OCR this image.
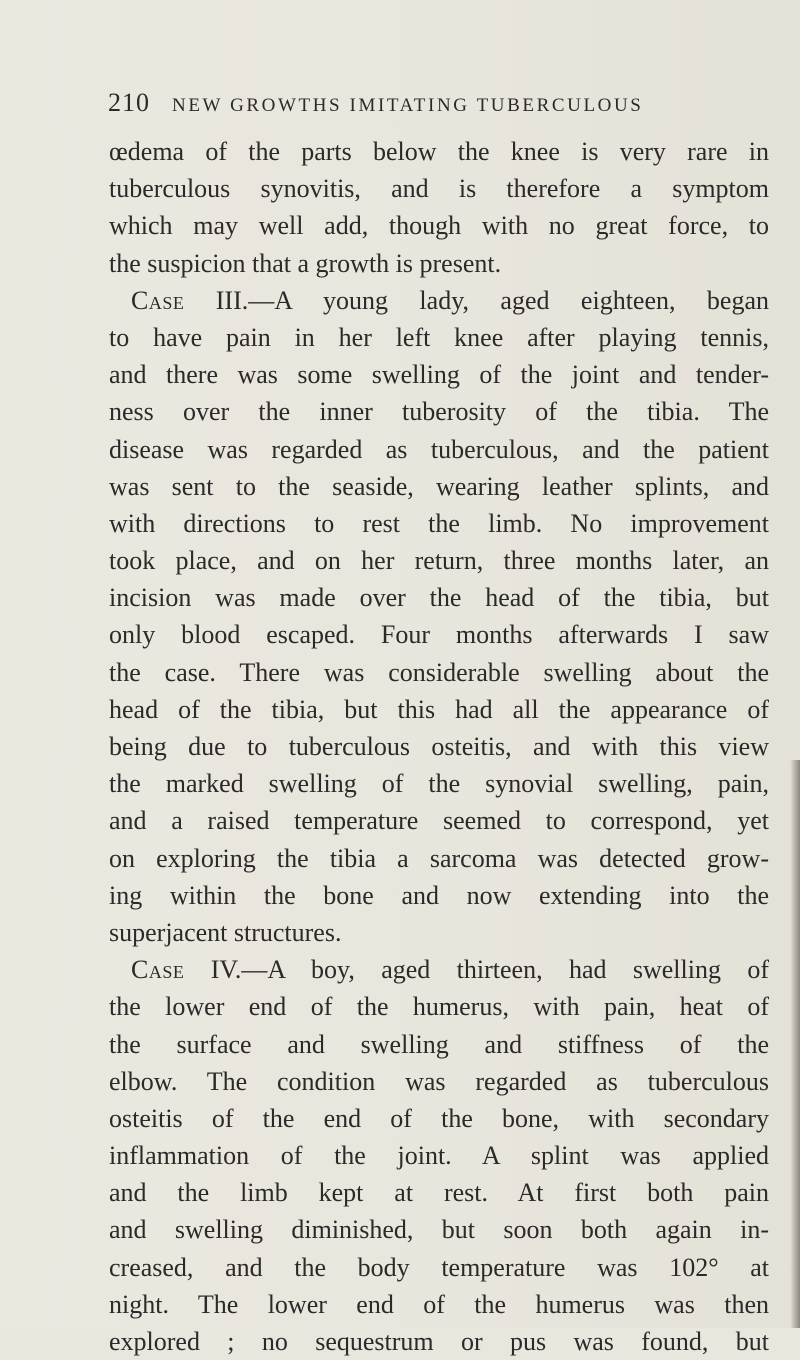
210 NEW GROWTHS IMITATING TUBERCULOUS
œdema of the parts below the knee is very rare in
tuberculous synovitis, and is therefore a symptom
which may well add, though with no great force, to
the suspicion that a growth is present.
Case III.—A young lady, aged eighteen, began
to have pain in her left knee after playing tennis,
and there was some swelling of the joint and tender-
ness over the inner tuberosity of the tibia. The
disease was regarded as tuberculous, and the patient
was sent to the seaside, wearing leather splints, and
with directions to rest the limb. No improvement
took place, and on her return, three months later, an
incision was made over the head of the tibia, but
only blood escaped. Four months afterwards I saw
the case. There was considerable swelling about the
head of the tibia, but this had all the appearance of
being due to tuberculous osteitis, and with this view
the marked swelling of the synovial swelling, pain,
and a raised temperature seemed to correspond, yet
on exploring the tibia a sarcoma was detected grow-
ing within the bone and now extending into the
superjacent structures.
Case IV.—A boy, aged thirteen, had swelling of
the lower end of the humerus, with pain, heat of
the surface and swelling and stiffness of the
elbow. The condition was regarded as tuberculous
osteitis of the end of the bone, with secondary
inflammation of the joint. A splint was applied
and the limb kept at rest. At first both pain
and swelling diminished, but soon both again in-
creased, and the body temperature was 102° at
night. The lower end of the humerus was then
explored ; no sequestrum or pus was found, but
